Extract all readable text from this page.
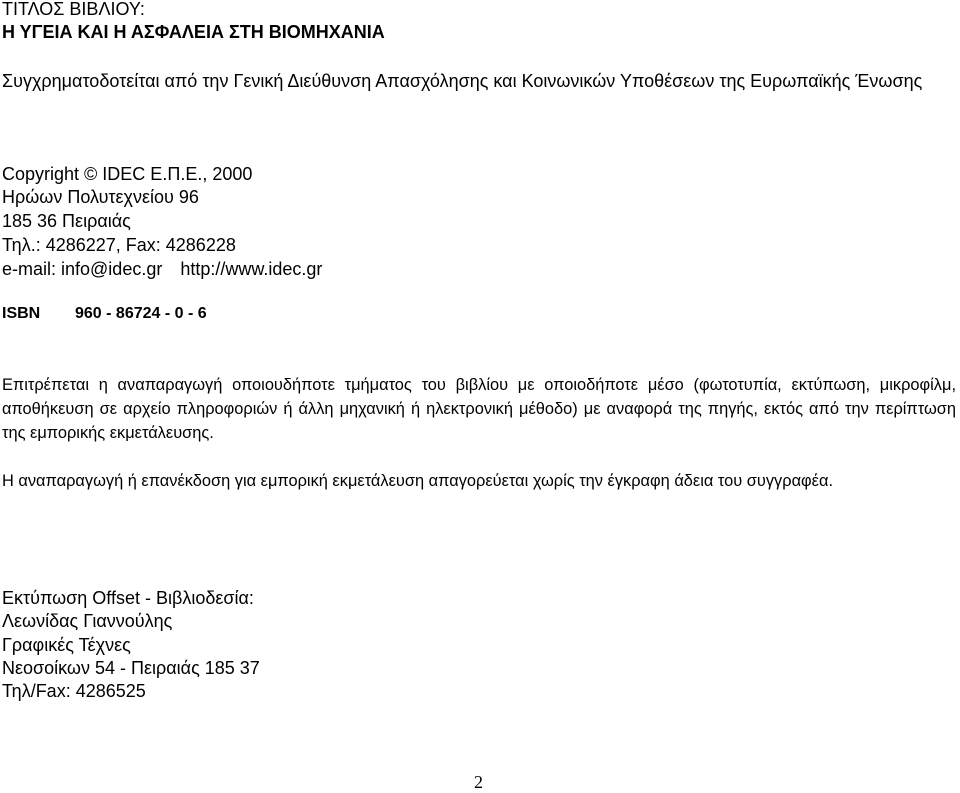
ΤΙΤΛΟΣ ΒΙΒΛΙΟΥ:
Η ΥΓΕΙΑ ΚΑΙ Η ΑΣΦΑΛΕΙΑ ΣΤΗ ΒΙΟΜΗΧΑΝΙΑ
Συγχρηματοδοτείται από την Γενική Διεύθυνση Απασχόλησης και Κοινωνικών Υποθέσεων της Ευρωπαϊκής Ένωσης
Copyright © IDEC E.Π.Ε., 2000
Ηρώων Πολυτεχνείου 96
185 36 Πειραιάς
Τηλ.: 4286227, Fax: 4286228
e-mail: info@idec.gr http://www.idec.gr
ISBN 960 - 86724 - 0 - 6
Επιτρέπεται η αναπαραγωγή οποιουδήποτε τμήματος του βιβλίου με οποιοδήποτε μέσο (φωτοτυπία, εκτύπωση, μικροφίλμ, αποθήκευση σε αρχείο πληροφοριών ή άλλη μηχανική ή ηλεκτρονική μέθοδο) με αναφορά της πηγής, εκτός από την περίπτωση της εμπορικής εκμετάλευσης.
Η αναπαραγωγή ή επανέκδοση για εμπορική εκμετάλευση απαγορεύεται χωρίς την έγκραφη άδεια του συγγραφέα.
Εκτύπωση Offset - Βιβλιοδεσία:
Λεωνίδας Γιαννούλης
Γραφικές Τέχνες
Νεοσοίκων 54 - Πειραιάς 185 37
Τηλ/Fax: 4286525
2
